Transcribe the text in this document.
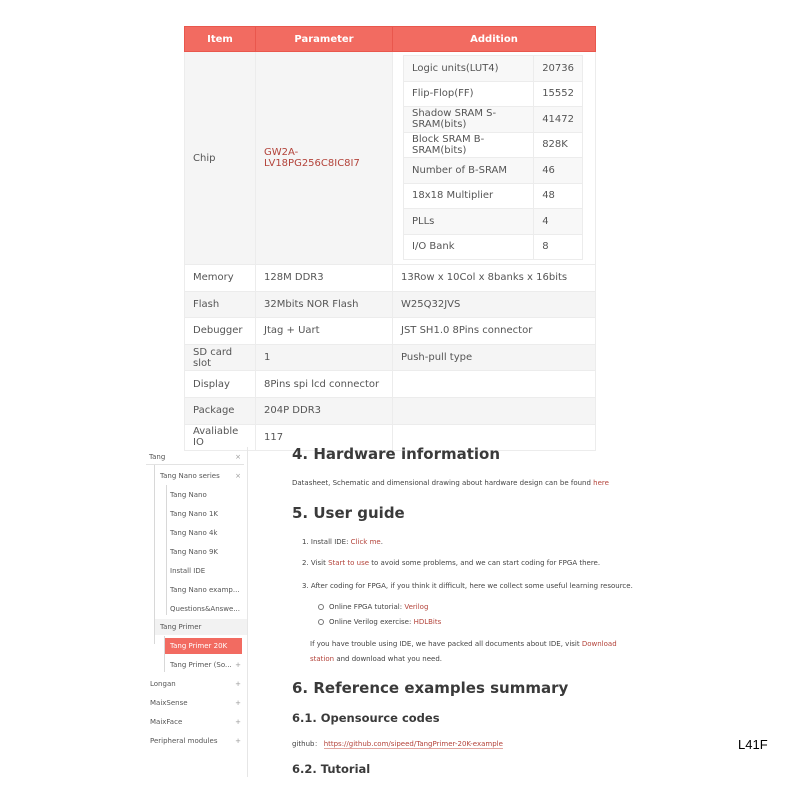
Item	Parameter	Addition
Chip	GW2A-LV18PG256C8IC8I7	
Logic units(LUT4)	20736
Flip-Flop(FF)	15552
Shadow SRAM S-SRAM(bits)	41472
Block SRAM B-SRAM(bits)	828K
Number of B-SRAM	46
18x18 Multiplier	48
PLLs	4
I/O Bank	8

Memory	128M DDR3	13Row x 10Col x 8banks x 16bits
Flash	32Mbits NOR Flash	W25Q32JVS
Debugger	Jtag + Uart	JST SH1.0 8Pins connector
SD card slot	1	Push-pull type
Display	8Pins spi lcd connector	
Package	204P DDR3	
Avaliable IO	117	
Tang	×
Tang Nano series ×
Tang Nano
Tang Nano 1K
Tang Nano 4k
Tang Nano 9K
Install IDE
Tang Nano examp...
Questions&Answe...
Tang Primer
Tang Primer 20K
Tang Primer (So... +
Longan	+
MaixSense	+
MaixFace	+
Peripheral modules	+
4. Hardware information
Datasheet, Schematic and dimensional drawing about hardware design can be found here
5. User guide
1. Install IDE: Click me.
2. Visit Start to use to avoid some problems, and we can start coding for FPGA there.
3. After coding for FPGA, if you think it difficult, here we collect some useful learning resource.
Online FPGA tutorial: Verilog
Online Verilog exercise: HDLBits
If you have trouble using IDE, we have packed all documents about IDE, visit Download
station and download what you need.
6. Reference examples summary
6.1. Opensource codes
github： https://github.com/sipeed/TangPrimer-20K-example
6.2. Tutorial
L41F
